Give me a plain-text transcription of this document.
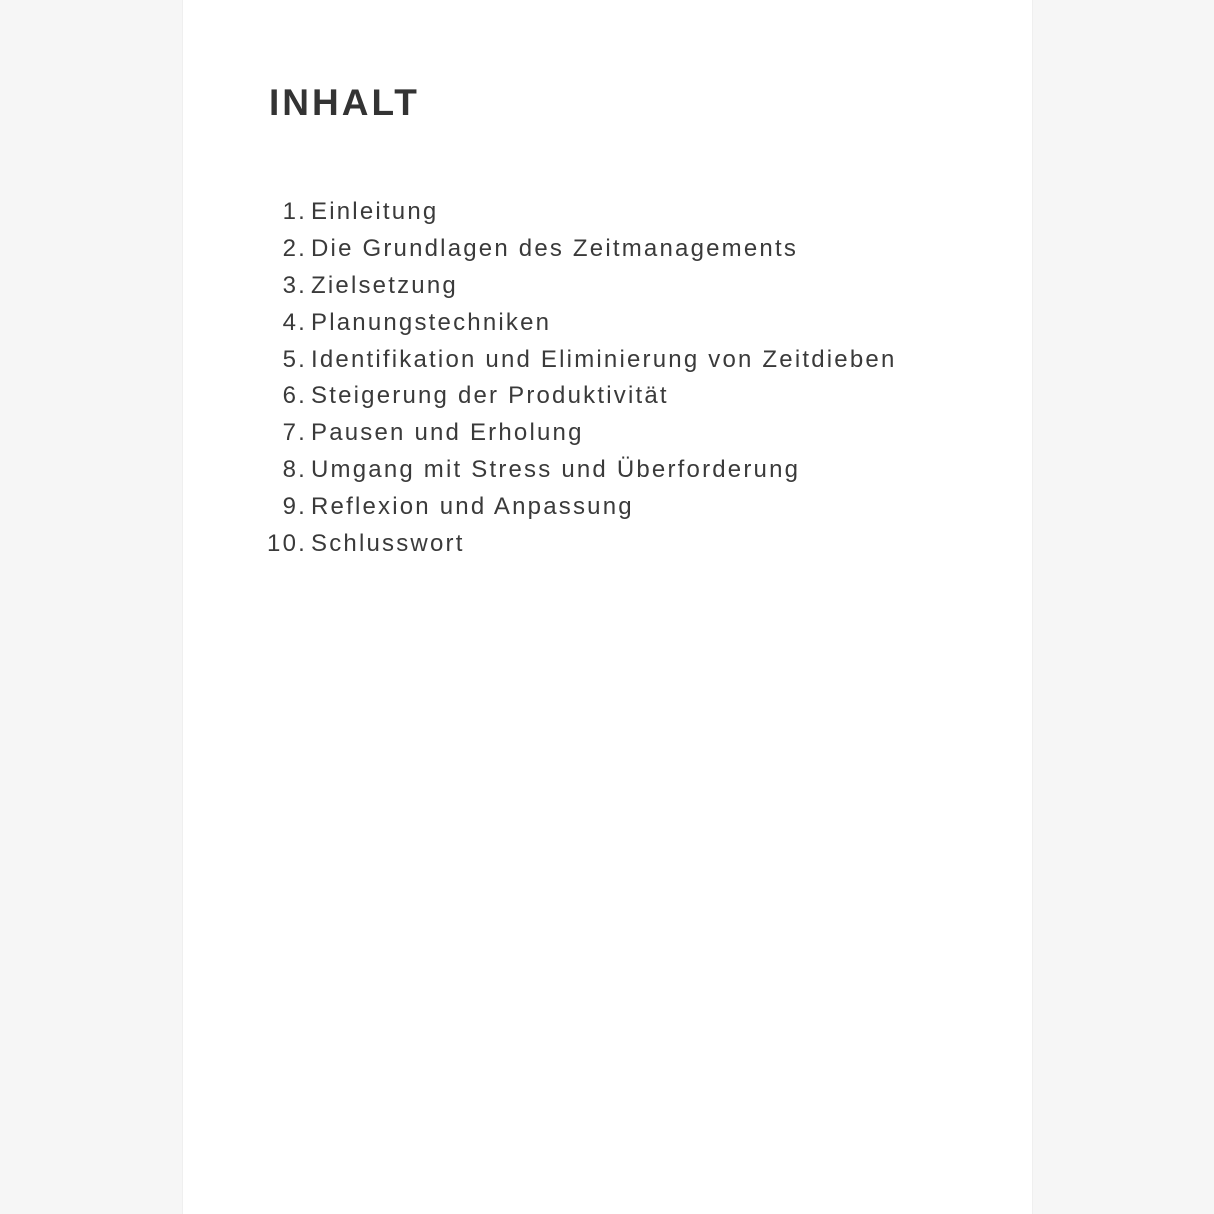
INHALT
1. Einleitung
2. Die Grundlagen des Zeitmanagements
3. Zielsetzung
4. Planungstechniken
5. Identifikation und Eliminierung von Zeitdieben
6. Steigerung der Produktivität
7. Pausen und Erholung
8. Umgang mit Stress und Überforderung
9. Reflexion und Anpassung
10. Schlusswort
